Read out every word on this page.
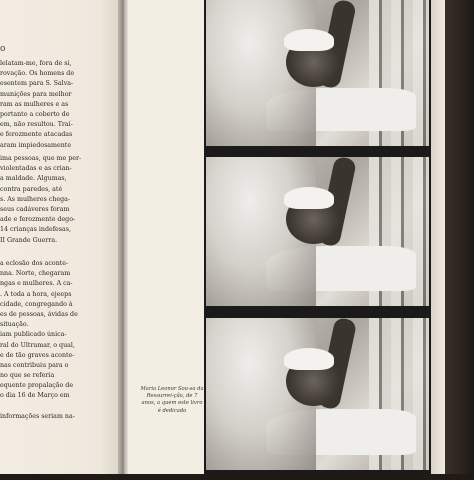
o
lelatam-me, fora de si,
rovação. Os homens de
esentem para S. Salva-
munições para melhor
ram as mulheres e as
portanto a coberto de
em, não resultou. Traí-
e ferozmente atacadas
aram impiedosamente
ima pessoas, que me per-
violentadas e as crian-
a maldade. Algumas,
contra paredes, até
s. As mulheres chega-
seus cadáveres foram
ade e ferozmente dego-
14 crianças indefesas,
II Grande Guerra.
a eclosão dos aconte-
nna. Norte, chegaram
ngas e mulheres. A ca-
. A toda a hora, ejeeps
cidade, congregando à
es de pessoas, ávidas de
situação.
iam publicado única-
ral do Ultramar, o qual,
e de tão graves aconte-
nas contribuiu para o
no que se referia
equente propalação de
o dia 16 de Março em
informações seriam na-
Maria Leonor Sou-sa da Ressurrei-ção, de 7 anos, a quem este livro é dedicado
